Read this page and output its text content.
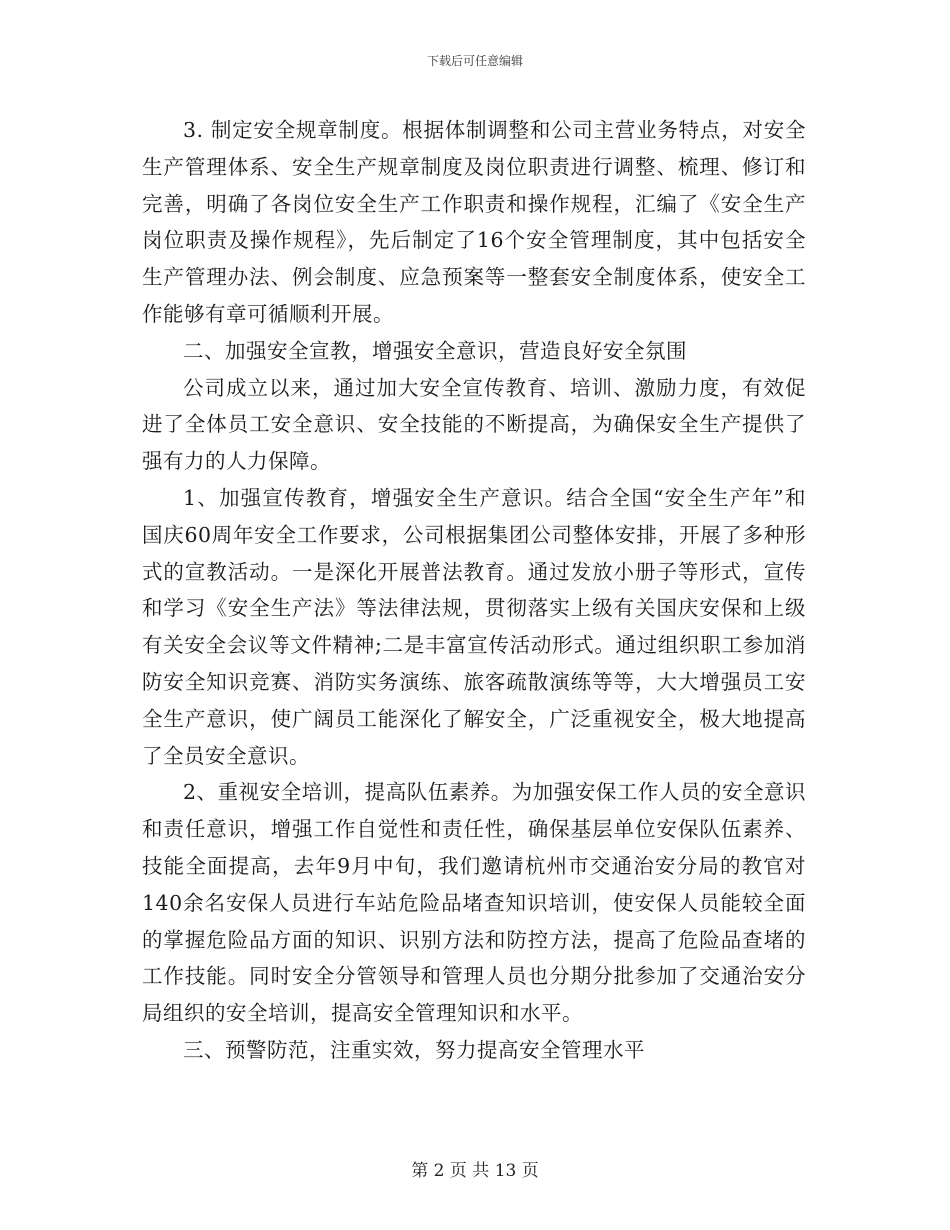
下载后可任意编辑

3. 制定安全规章制度。根据体制调整和公司主营业务特点，对安全生产管理体系、安全生产规章制度及岗位职责进行调整、梳理、修订和完善，明确了各岗位安全生产工作职责和操作规程，汇编了《安全生产岗位职责及操作规程》，先后制定了16个安全管理制度，其中包括安全生产管理办法、例会制度、应急预案等一整套安全制度体系，使安全工作能够有章可循顺利开展。

二、加强安全宣教，增强安全意识，营造良好安全氛围

公司成立以来，通过加大安全宣传教育、培训、激励力度，有效促进了全体员工安全意识、安全技能的不断提高，为确保安全生产提供了强有力的人力保障。

1、加强宣传教育，增强安全生产意识。结合全国“安全生产年”和国庆60周年安全工作要求，公司根据集团公司整体安排，开展了多种形式的宣教活动。一是深化开展普法教育。通过发放小册子等形式，宣传和学习《安全生产法》等法律法规，贯彻落实上级有关国庆安保和上级有关安全会议等文件精神;二是丰富宣传活动形式。通过组织职工参加消防安全知识竞赛、消防实务演练、旅客疏散演练等等，大大增强员工安全生产意识，使广阔员工能深化了解安全，广泛重视安全，极大地提高了全员安全意识。

2、重视安全培训，提高队伍素养。为加强安保工作人员的安全意识和责任意识，增强工作自觉性和责任性，确保基层单位安保队伍素养、技能全面提高，去年9月中旬，我们邀请杭州市交通治安分局的教官对140余名安保人员进行车站危险品堵查知识培训，使安保人员能较全面的掌握危险品方面的知识、识别方法和防控方法，提高了危险品查堵的工作技能。同时安全分管领导和管理人员也分期分批参加了交通治安分局组织的安全培训，提高安全管理知识和水平。

三、预警防范，注重实效，努力提高安全管理水平

第 2 页 共 13 页
